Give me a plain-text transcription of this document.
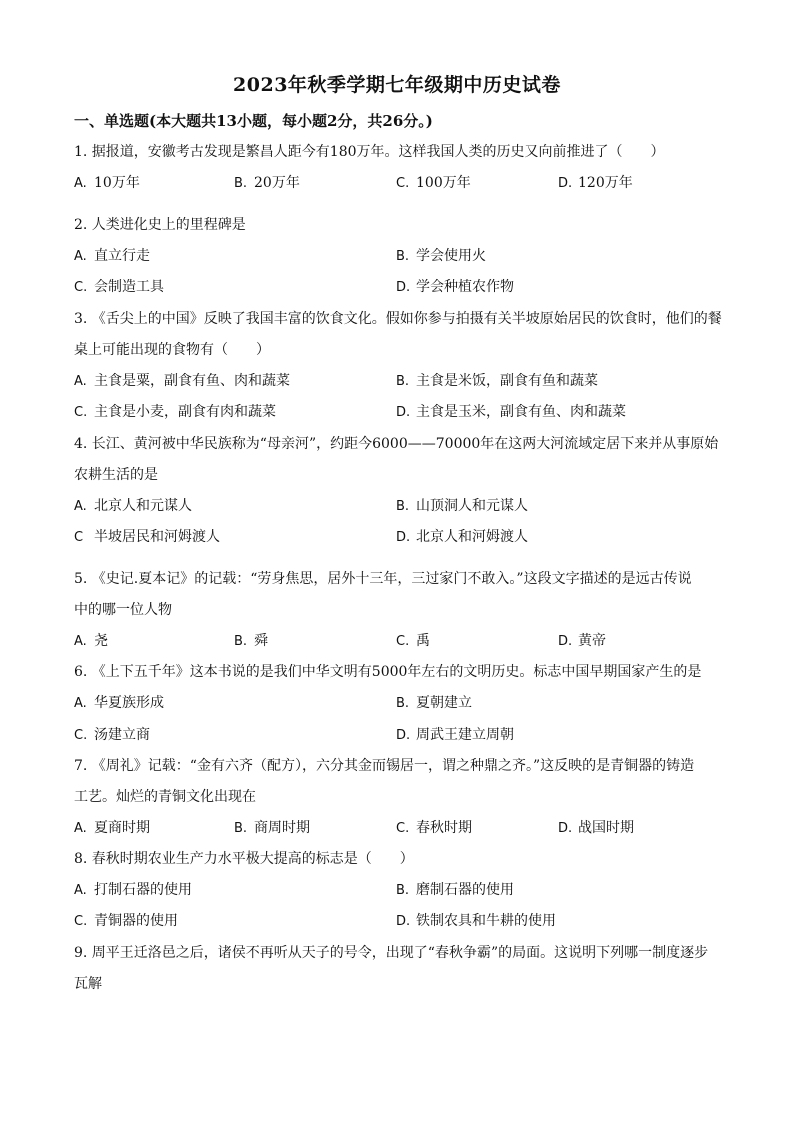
2023年秋季学期七年级期中历史试卷
一、单选题(本大题共13小题，每小题2分，共26分。)
1. 据报道，安徽考古发现是繁昌人距今有180万年。这样我国人类的历史又向前推进了（　　）
A. 10万年	B. 20万年	C. 100万年	D. 120万年
2. 人类进化史上的里程碑是
A. 直立行走	B. 学会使用火
C. 会制造工具	D. 学会种植农作物
3. 《舌尖上的中国》反映了我国丰富的饮食文化。假如你参与拍摄有关半坡原始居民的饮食时，他们的餐
桌上可能出现的食物有（　　）
A. 主食是粟，副食有鱼、肉和蔬菜	B. 主食是米饭，副食有鱼和蔬菜
C. 主食是小麦，副食有肉和蔬菜	D. 主食是玉米，副食有鱼、肉和蔬菜
4. 长江、黄河被中华民族称为“母亲河”，约距今6000——70000年在这两大河流域定居下来并从事原始
农耕生活的是
A. 北京人和元谋人	B. 山顶洞人和元谋人
C 半坡居民和河姆渡人	D. 北京人和河姆渡人
5. 《史记.夏本记》的记载：“劳身焦思，居外十三年，三过家门不敢入。”这段文字描述的是远古传说
中的哪一位人物
A. 尧	B. 舜	C. 禹	D. 黄帝
6. 《上下五千年》这本书说的是我们中华文明有5000年左右的文明历史。标志中国早期国家产生的是
A. 华夏族形成	B. 夏朝建立
C. 汤建立商	D. 周武王建立周朝
7. 《周礼》记载：“金有六齐（配方），六分其金而锡居一，谓之种鼎之齐。”这反映的是青铜器的铸造
工艺。灿烂的青铜文化出现在
A. 夏商时期	B. 商周时期	C. 春秋时期	D. 战国时期
8. 春秋时期农业生产力水平极大提高的标志是（　　）
A. 打制石器的使用	B. 磨制石器的使用
C. 青铜器的使用	D. 铁制农具和牛耕的使用
9. 周平王迁洛邑之后，诸侯不再听从天子的号令，出现了“春秋争霸”的局面。这说明下列哪一制度逐步
瓦解
